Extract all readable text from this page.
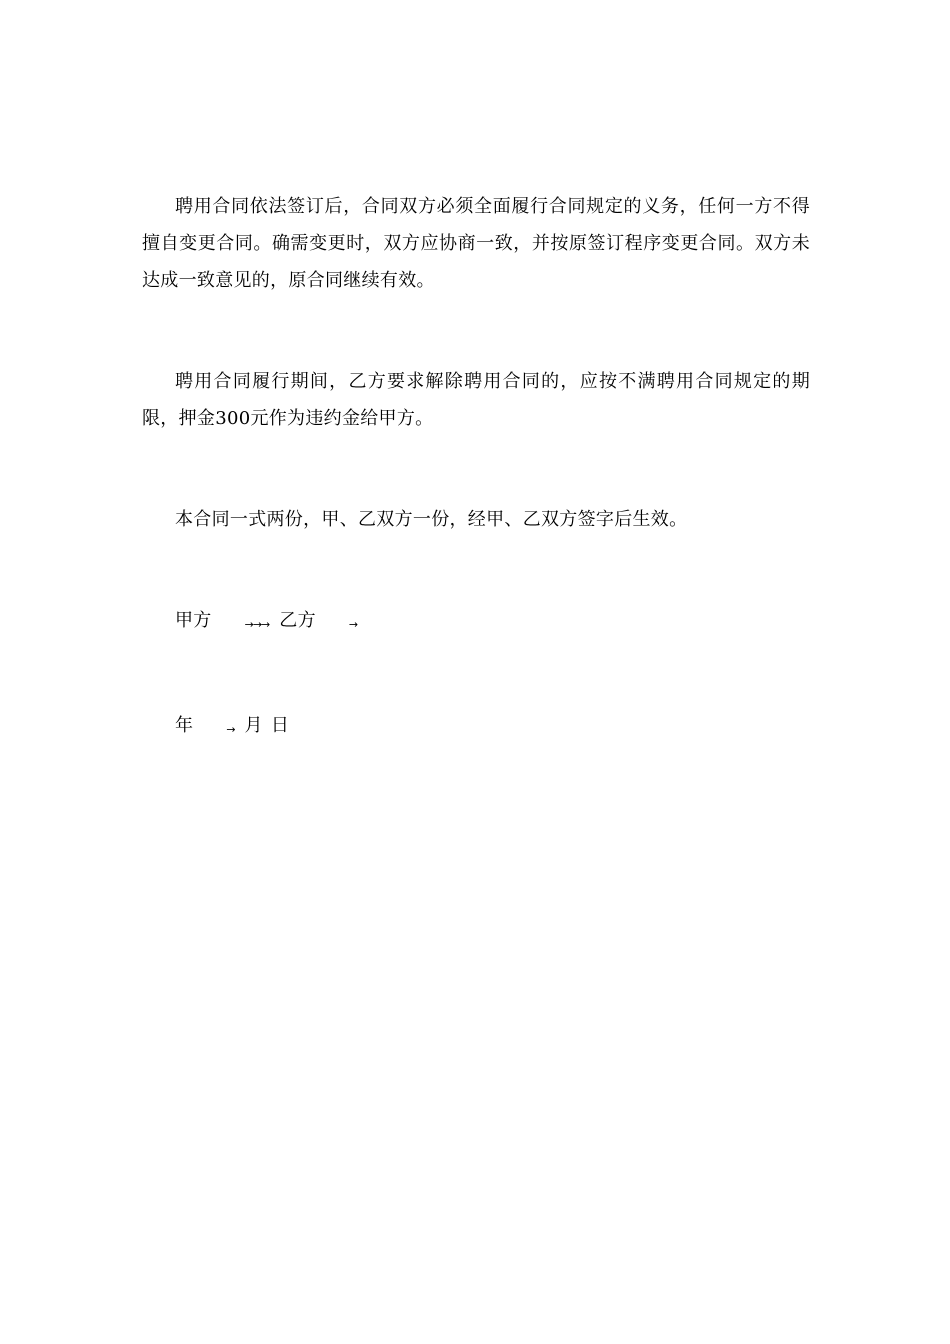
聘用合同依法签订后，合同双方必须全面履行合同规定的义务，任何一方不得擅自变更合同。确需变更时，双方应协商一致，并按原签订程序变更合同。双方未达成一致意见的，原合同继续有效。

聘用合同履行期间，乙方要求解除聘用合同的，应按不满聘用合同规定的期限，押金300元作为违约金给甲方。

本合同一式两份，甲、乙双方一份，经甲、乙双方签字后生效。

甲方	→→→ 乙方	→

年	→ 月 日
